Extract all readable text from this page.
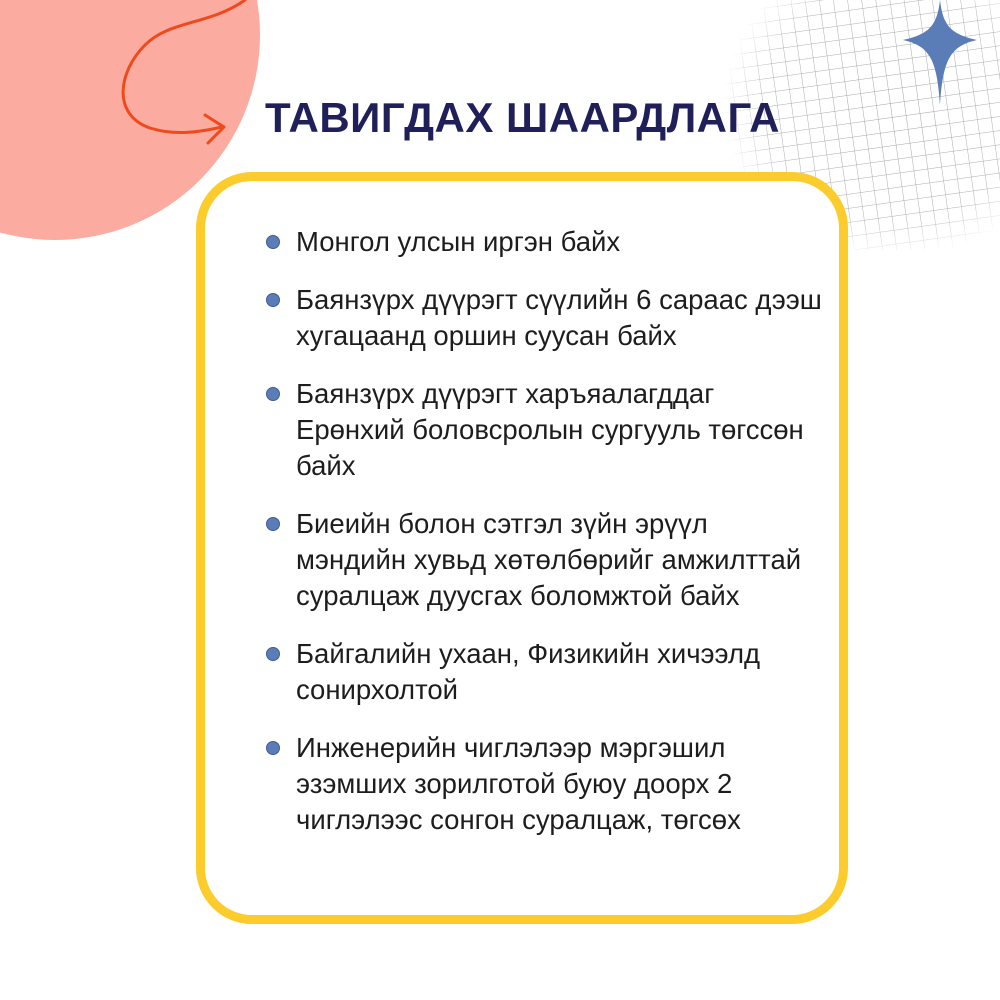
ТАВИГДАХ ШААРДЛАГА
Монгол улсын иргэн байх
Баянзүрх дүүрэгт сүүлийн 6 сараас дээш хугацаанд оршин суусан байх
Баянзүрх дүүрэгт харъяалагддаг Ерөнхий боловсролын сургууль төгссөн байх
Биеийн болон сэтгэл зүйн эрүүл мэндийн хувьд хөтөлбөрийг амжилттай суралцаж дуусгах боломжтой байх
Байгалийн ухаан, Физикийн хичээлд сонирхолтой
Инженерийн чиглэлээр мэргэшил эзэмших зорилготой буюу доорх 2 чиглэлээс сонгон суралцаж, төгсөх
